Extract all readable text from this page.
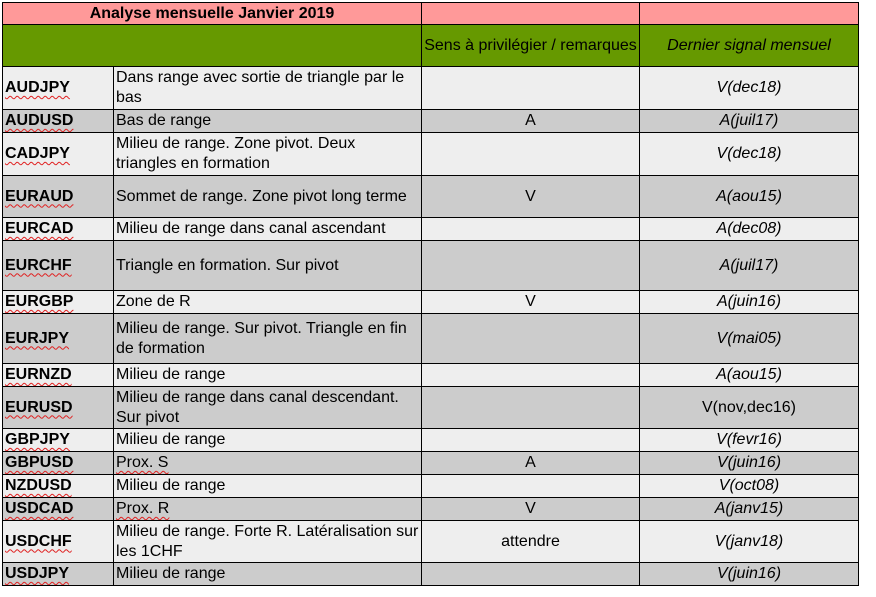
Analyse mensuelle Janvier 2019			
		Sens à privilégier / remarques	Dernier signal mensuel
AUDJPY	Dans range avec sortie de triangle par le bas		V(dec18)
AUDUSD	Bas de range	A	A(juil17)
CADJPY	Milieu de range. Zone pivot. Deux triangles en formation		V(dec18)
EURAUD	Sommet de range. Zone pivot long terme	V	A(aou15)
EURCAD	Milieu de range dans canal ascendant		A(dec08)
EURCHF	Triangle en formation. Sur pivot		A(juil17)
EURGBP	Zone de R	V	A(juin16)
EURJPY	Milieu de range. Sur pivot. Triangle en fin de formation		V(mai05)
EURNZD	Milieu de range		A(aou15)
EURUSD	Milieu de range dans canal descendant. Sur pivot		V(nov,dec16)
GBPJPY	Milieu de range		V(fevr16)
GBPUSD	Prox. S	A	V(juin16)
NZDUSD	Milieu de range		V(oct08)
USDCAD	Prox. R	V	A(janv15)
USDCHF	Milieu de range. Forte R. Latéralisation sur les 1CHF	attendre	V(janv18)
USDJPY	Milieu de range		V(juin16)
